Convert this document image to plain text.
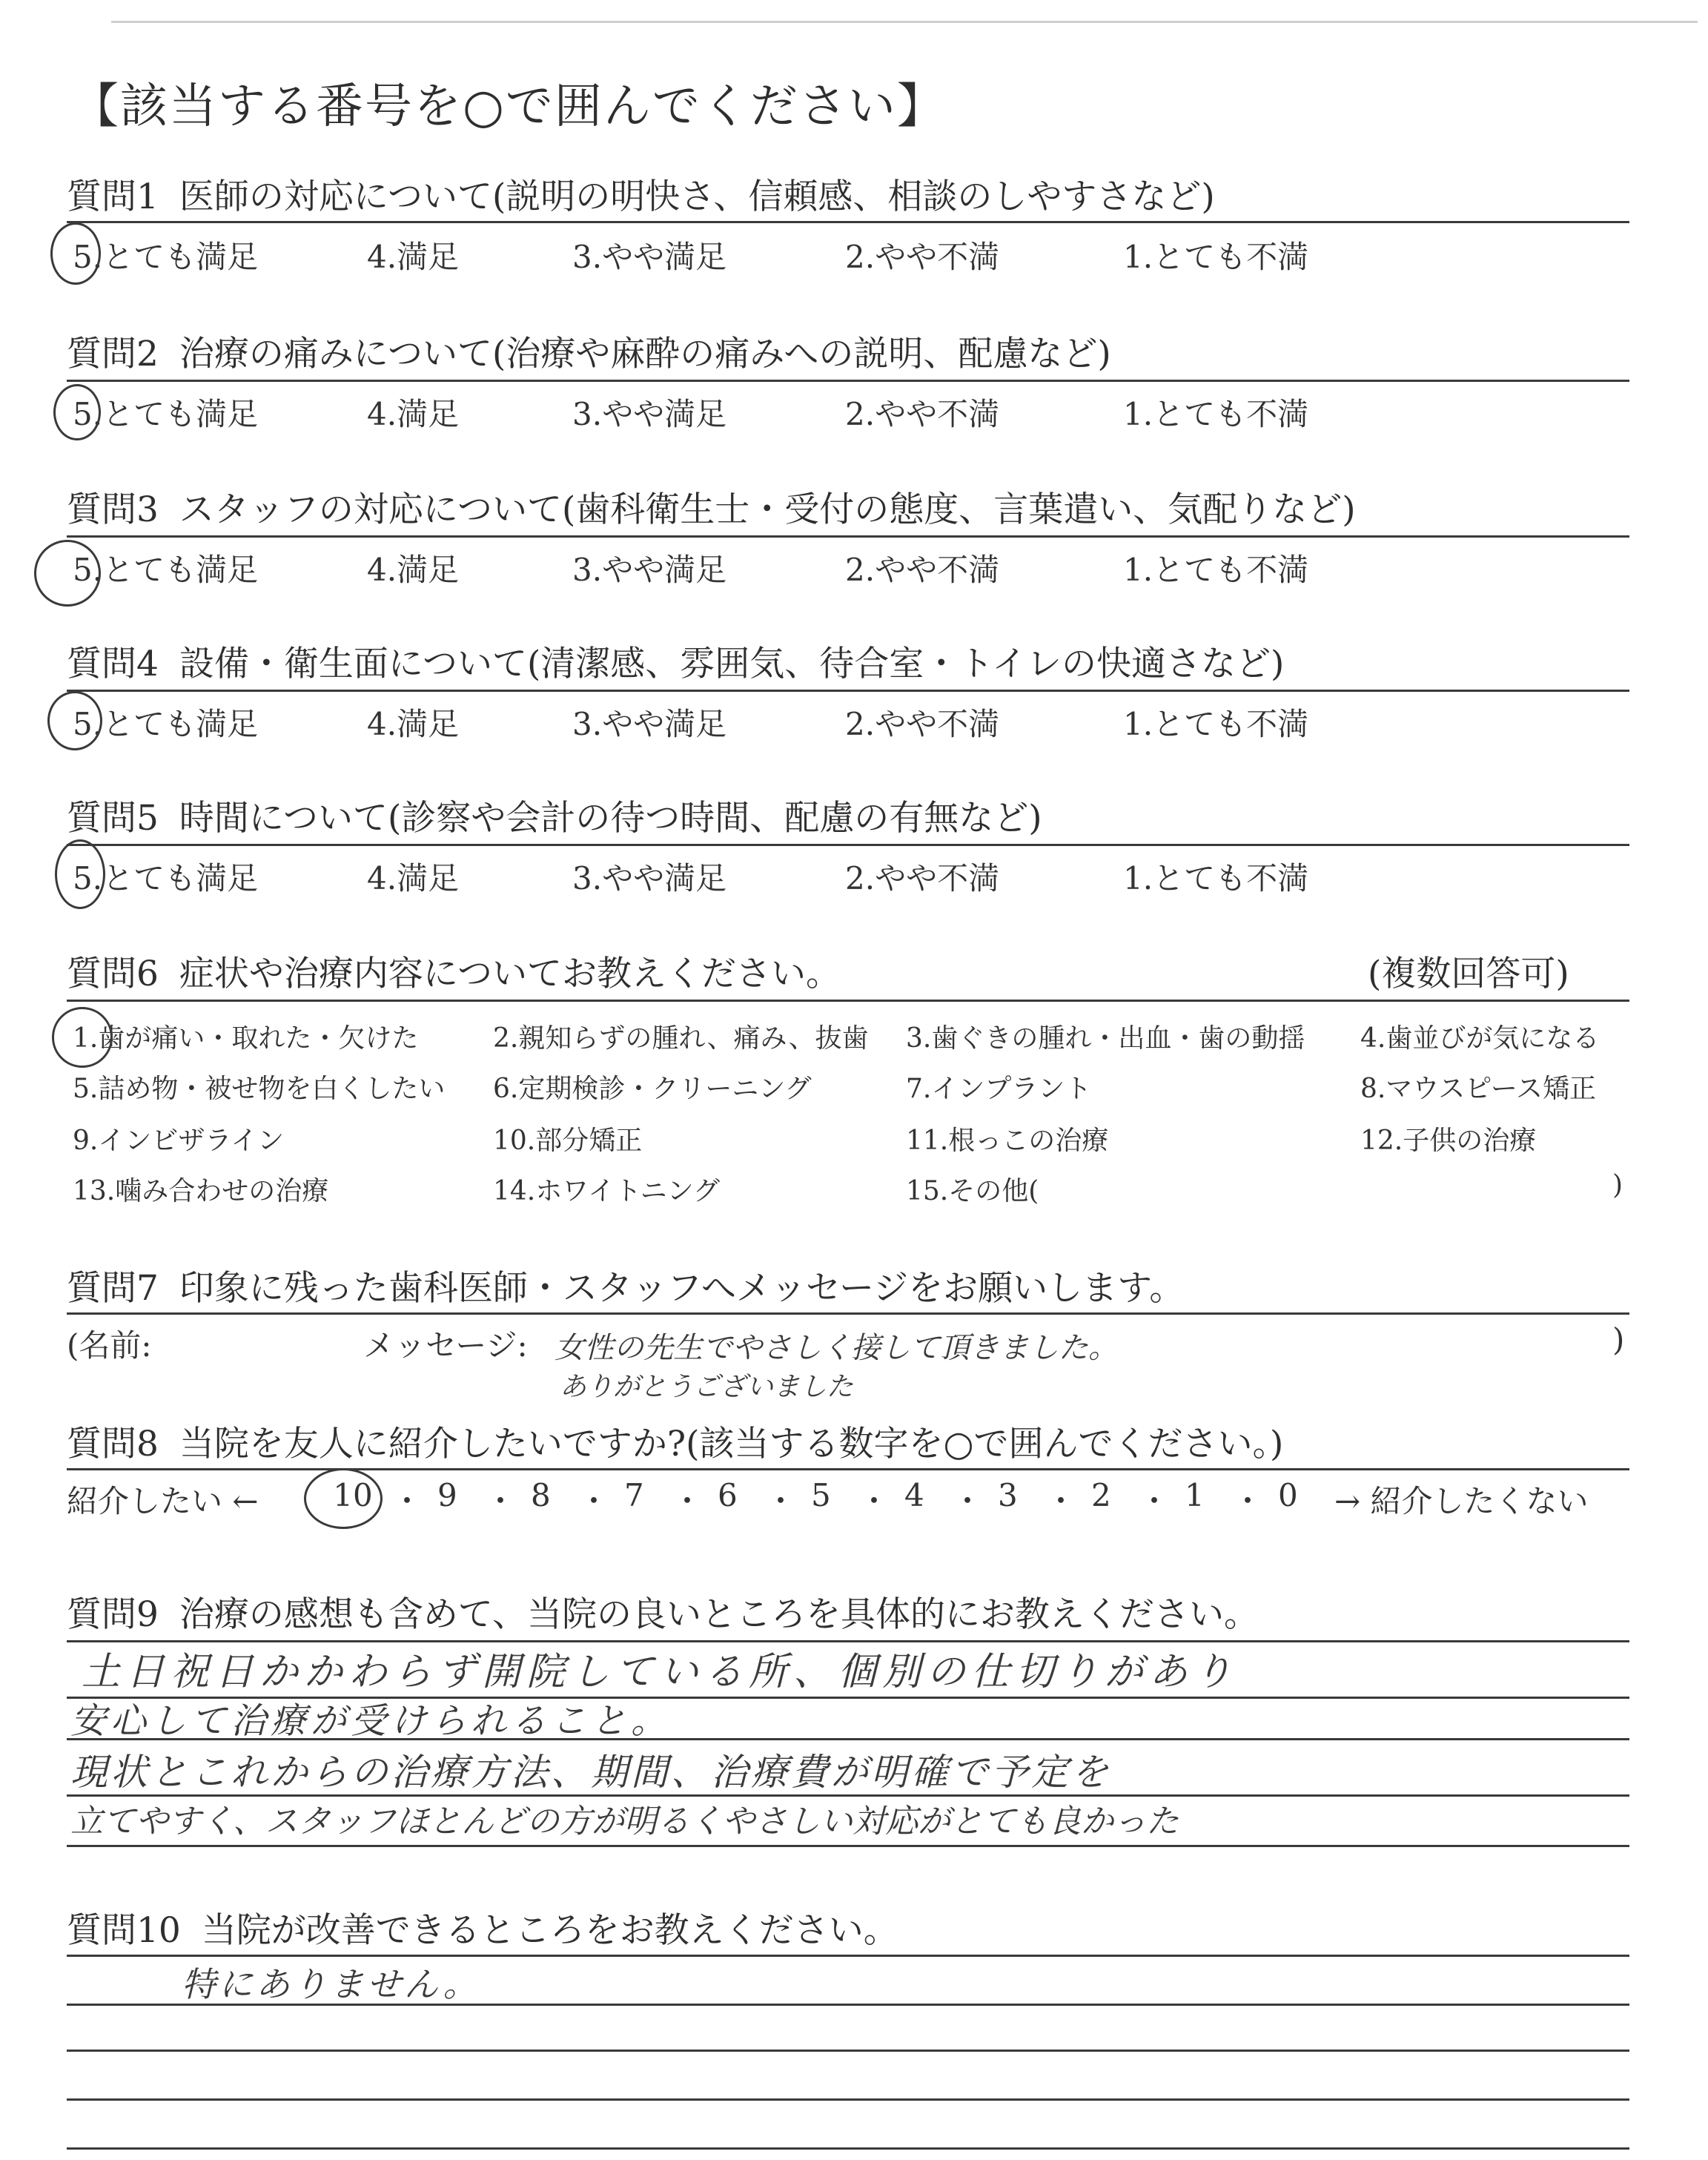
【該当する番号を○で囲んでください】
質問1 医師の対応について(説明の明快さ、信頼感、相談のしやすさなど)
5.とても満足	4.満足	3.やや満足	2.やや不満	1.とても不満
質問2 治療の痛みについて(治療や麻酔の痛みへの説明、配慮など)
5.とても満足	4.満足	3.やや満足	2.やや不満	1.とても不満
質問3 スタッフの対応について(歯科衛生士・受付の態度、言葉遣い、気配りなど)
5.とても満足	4.満足	3.やや満足	2.やや不満	1.とても不満
質問4 設備・衛生面について(清潔感、雰囲気、待合室・トイレの快適さなど)
5.とても満足	4.満足	3.やや満足	2.やや不満	1.とても不満
質問5 時間について(診察や会計の待つ時間、配慮の有無など)
5.とても満足	4.満足	3.やや満足	2.やや不満	1.とても不満
質問6 症状や治療内容についてお教えください。	(複数回答可)
1.歯が痛い・取れた・欠けた	2.親知らずの腫れ、痛み、抜歯 3.歯ぐきの腫れ・出血・歯の動揺 4.歯並びが気になる
5.詰め物・被せ物を白くしたい 6.定期検診・クリーニング	7.インプラント	8.マウスピース矯正
9.インビザライン	10.部分矯正	11.根っこの治療	12.子供の治療
13.噛み合わせの治療	14.ホワイトニング	15.その他(	)
質問7 印象に残った歯科医師・スタッフへメッセージをお願いします。
(名前:	メッセージ:	)
女性の先生でやさしく接して頂きました。
ありがとうございました
質問8 当院を友人に紹介したいですか?(該当する数字を○で囲んでください。)
紹介したい ← 10 ・ 9 ・ 8 ・ 7 ・ 6 ・ 5 ・ 4 ・ 3 ・ 2 ・ 1 ・ 0 → 紹介したくない
質問9 治療の感想も含めて、当院の良いところを具体的にお教えください。
土日祝日かかわらず開院している所、個別の仕切りがあり
安心して治療が受けられること。
現状とこれからの治療方法、期間、治療費が明確で予定を
立てやすく、スタッフほとんどの方が明るくやさしい対応がとても良かった
質問10 当院が改善できるところをお教えください。
特にありません。
